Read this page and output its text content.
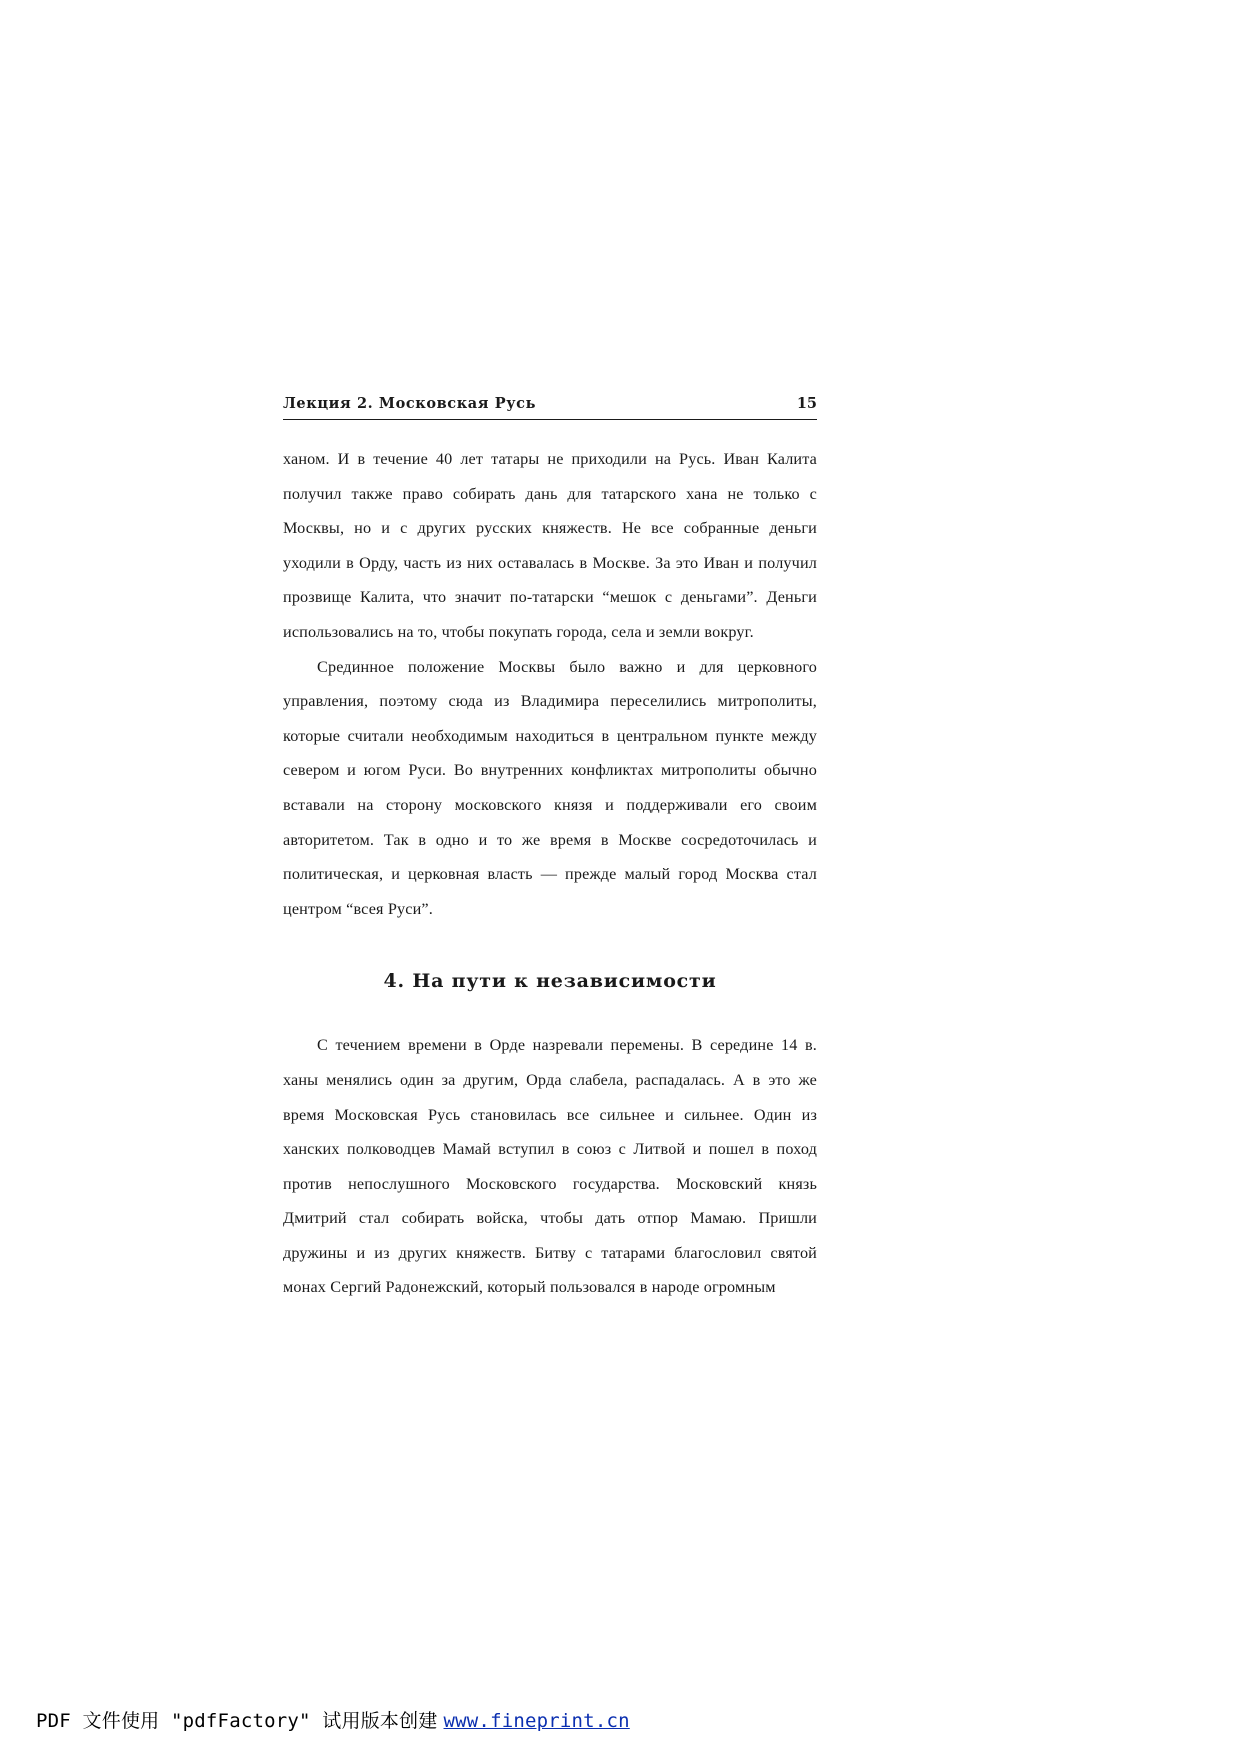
Лекция 2. Московская Русь	15

ханом. И в течение 40 лет татары не приходили на Русь. Иван Калита получил также право собирать дань для татарского хана не только с Москвы, но и с других русских княжеств. Не все собранные деньги уходили в Орду, часть из них оставалась в Москве. За это Иван и получил прозвище Калита, что значит по-татарски “мешок с деньгами”. Деньги использовались на то, чтобы покупать города, села и земли вокруг.

Срединное положение Москвы было важно и для церковного управления, поэтому сюда из Владимира переселились митрополиты, которые считали необходимым находиться в центральном пункте между севером и югом Руси. Во внутренних конфликтах митрополиты обычно вставали на сторону московского князя и поддерживали его своим авторитетом. Так в одно и то же время в Москве сосредоточилась и политическая, и церковная власть — прежде малый город Москва стал центром “всея Руси”.

4. На пути к независимости

С течением времени в Орде назревали перемены. В середине 14 в. ханы менялись один за другим, Орда слабела, распадалась. А в это же время Московская Русь становилась все сильнее и сильнее. Один из ханских полководцев Мамай вступил в союз с Литвой и пошел в поход против непослушного Московского государства. Московский князь Дмитрий стал собирать войска, чтобы дать отпор Мамаю. Пришли дружины и из других княжеств. Битву с татарами благословил святой монах Сергий Радонежский, который пользовался в народе огромным

PDF 文件使用 "pdfFactory" 试用版本创建 www.fineprint.cn
